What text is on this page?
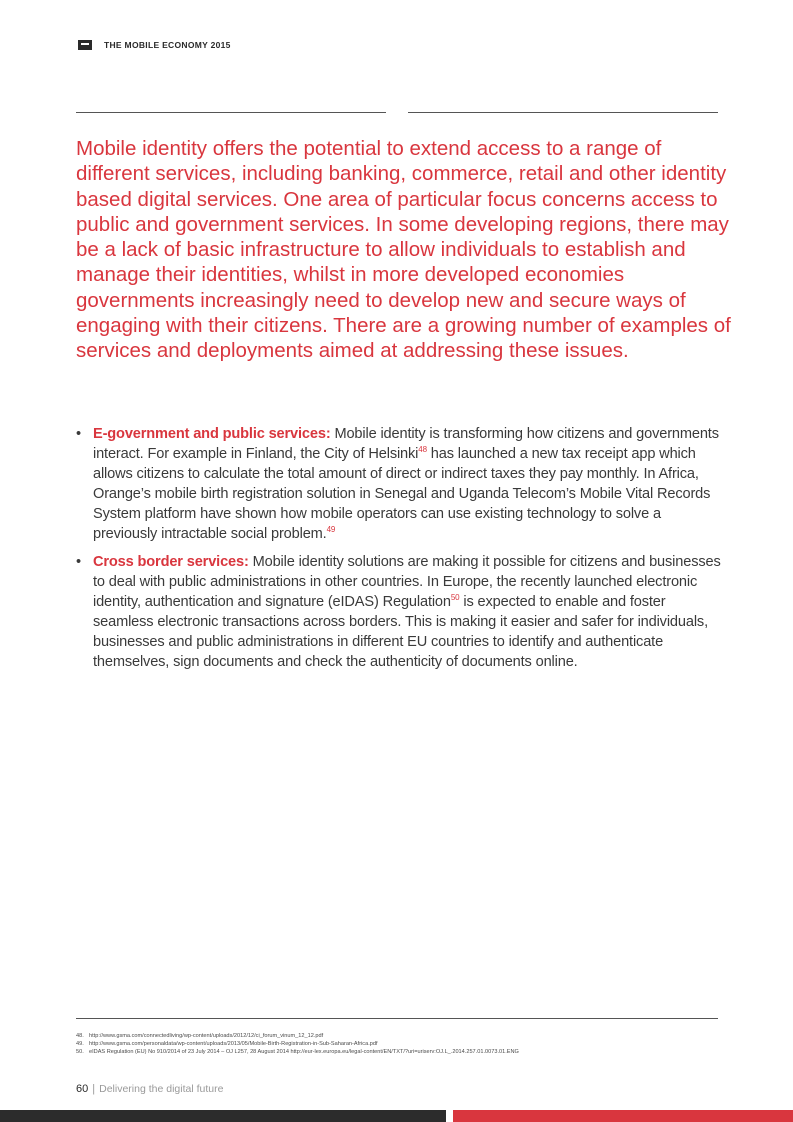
THE MOBILE ECONOMY 2015
Mobile identity offers the potential to extend access to a range of different services, including banking, commerce, retail and other identity based digital services. One area of particular focus concerns access to public and government services. In some developing regions, there may be a lack of basic infrastructure to allow individuals to establish and manage their identities, whilst in more developed economies governments increasingly need to develop new and secure ways of engaging with their citizens. There are a growing number of examples of services and deployments aimed at addressing these issues.
• E-government and public services: Mobile identity is transforming how citizens and governments interact. For example in Finland, the City of Helsinki$^{48}$ has launched a new tax receipt app which allows citizens to calculate the total amount of direct or indirect taxes they pay monthly. In Africa, Orange’s mobile birth registration solution in Senegal and Uganda Telecom’s Mobile Vital Records System platform have shown how mobile operators can use existing technology to solve a previously intractable social problem.$^{49}$
• Cross border services: Mobile identity solutions are making it possible for citizens and businesses to deal with public administrations in other countries. In Europe, the recently launched electronic identity, authentication and signature (eIDAS) Regulation$^{50}$ is expected to enable and foster seamless electronic transactions across borders. This is making it easier and safer for individuals, businesses and public administrations in different EU countries to identify and authenticate themselves, sign documents and check the authenticity of documents online.
48. http://www.gsma.com/connectedliving/wp-content/uploads/2012/12/ci_forum_vinum_12_12.pdf
49. http://www.gsma.com/personaldata/wp-content/uploads/2013/05/Mobile-Birth-Registration-in-Sub-Saharan-Africa.pdf
50. eIDAS Regulation (EU) No 910/2014 of 23 July 2014 – OJ L257, 28 August 2014 http://eur-lex.europa.eu/legal-content/EN/TXT/?uri=uriserv:OJ.L_.2014.257.01.0073.01.ENG
60 | Delivering the digital future
